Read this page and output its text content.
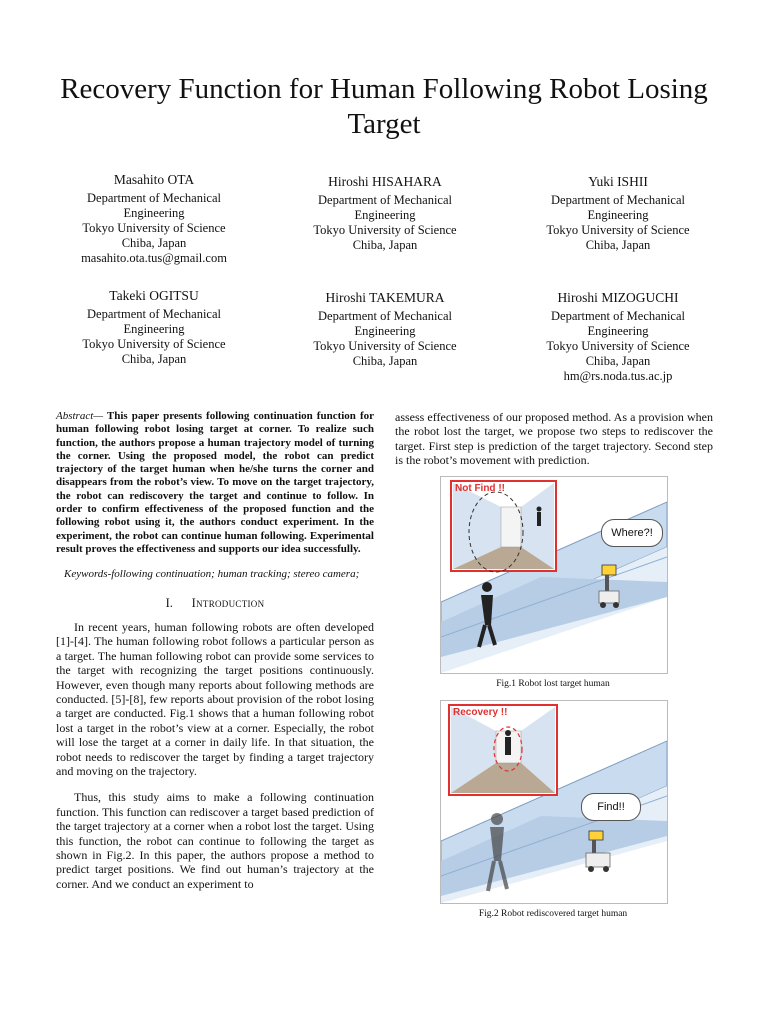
Recovery Function for Human Following Robot Losing Target
Masahito OTA
Department of Mechanical
Engineering
Tokyo University of Science
Chiba, Japan
masahito.ota.tus@gmail.com
Hiroshi HISAHARA
Department of Mechanical
Engineering
Tokyo University of Science
Chiba, Japan
Yuki ISHII
Department of Mechanical
Engineering
Tokyo University of Science
Chiba, Japan
Takeki OGITSU
Department of Mechanical
Engineering
Tokyo University of Science
Chiba, Japan
Hiroshi TAKEMURA
Department of Mechanical
Engineering
Tokyo University of Science
Chiba, Japan
Hiroshi MIZOGUCHI
Department of Mechanical
Engineering
Tokyo University of Science
Chiba, Japan
hm@rs.noda.tus.ac.jp

Abstract— This paper presents following continuation function for human following robot losing target at corner. To realize such function, the authors propose a human trajectory model of turning the corner. Using the proposed model, the robot can predict trajectory of the target human when he/she turns the corner and disappears from the robot’s view. To move on the target trajectory, the robot can rediscovery the target and continue to follow. In order to confirm effectiveness of the proposed function and the following robot using it, the authors conduct experiment. In the experiment, the robot can continue human following. Experimental result proves the effectiveness and supports our idea successfully.

Keywords-following continuation; human tracking; stereo camera;

I. Introduction

In recent years, human following robots are often developed [1]-[4]. The human following robot follows a particular person as a target. The human following robot can provide some services to the target with recognizing the target positions continuously. However, even though many reports about following methods are conducted. [5]-[8], few reports about provision of the robot losing a target are conducted. Fig.1 shows that a human following robot lost a target in the robot’s view at a corner. Especially, the robot will lose the target at a corner in daily life. In that situation, the robot needs to rediscover the target by finding a target trajectory and moving on the trajectory.

Thus, this study aims to make a following continuation function. This function can rediscover a target based prediction of the target trajectory at a corner when a robot lost the target. Using this function, the robot can continue to following the target as shown in Fig.2. In this paper, the authors propose a method to predict target positions. We find out human’s trajectory at the corner. And we conduct an experiment to

assess effectiveness of our proposed method. As a provision when the robot lost the target, we propose two steps to rediscover the target. First step is prediction of the target trajectory. Second step is the robot’s movement with prediction.

Not Find !!
Where?!
Fig.1 Robot lost target human
Recovery !!
Find!!
Fig.2 Robot rediscovered target human
